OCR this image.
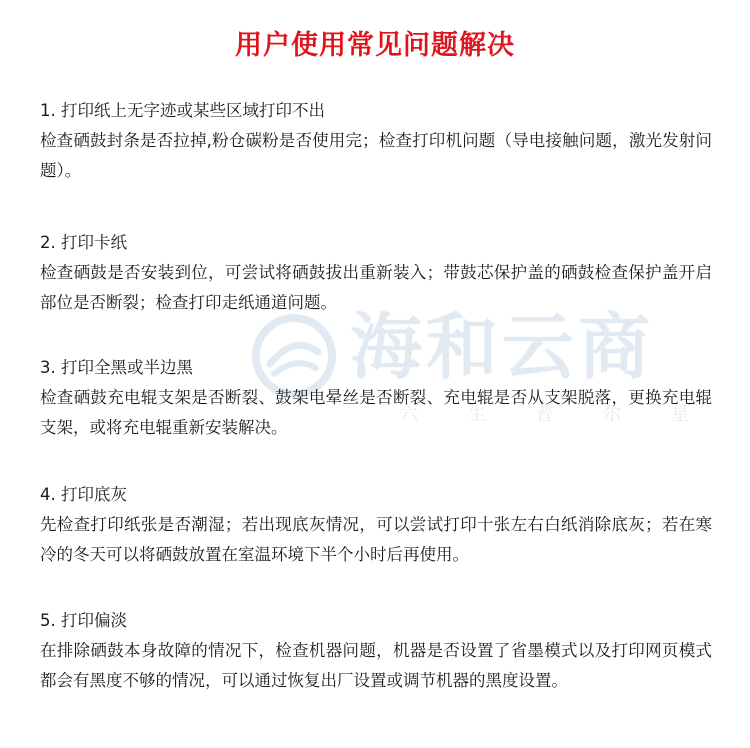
用户使用常见问题解决
海和云商
六 生 普 尔 星
1. 打印纸上无字迹或某些区域打印不出
检查硒鼓封条是否拉掉,粉仓碳粉是否使用完；检查打印机问题（导电接触问题，激光发射问题）。
2. 打印卡纸
检查硒鼓是否安装到位，可尝试将硒鼓拔出重新装入；带鼓芯保护盖的硒鼓检查保护盖开启部位是否断裂；检查打印走纸通道问题。
3. 打印全黑或半边黑
检查硒鼓充电辊支架是否断裂、鼓架电晕丝是否断裂、充电辊是否从支架脱落，更换充电辊支架，或将充电辊重新安装解决。
4. 打印底灰
先检查打印纸张是否潮湿；若出现底灰情况，可以尝试打印十张左右白纸消除底灰；若在寒冷的冬天可以将硒鼓放置在室温环境下半个小时后再使用。
5. 打印偏淡
在排除硒鼓本身故障的情况下，检查机器问题，机器是否设置了省墨模式以及打印网页模式都会有黑度不够的情况，可以通过恢复出厂设置或调节机器的黑度设置。
